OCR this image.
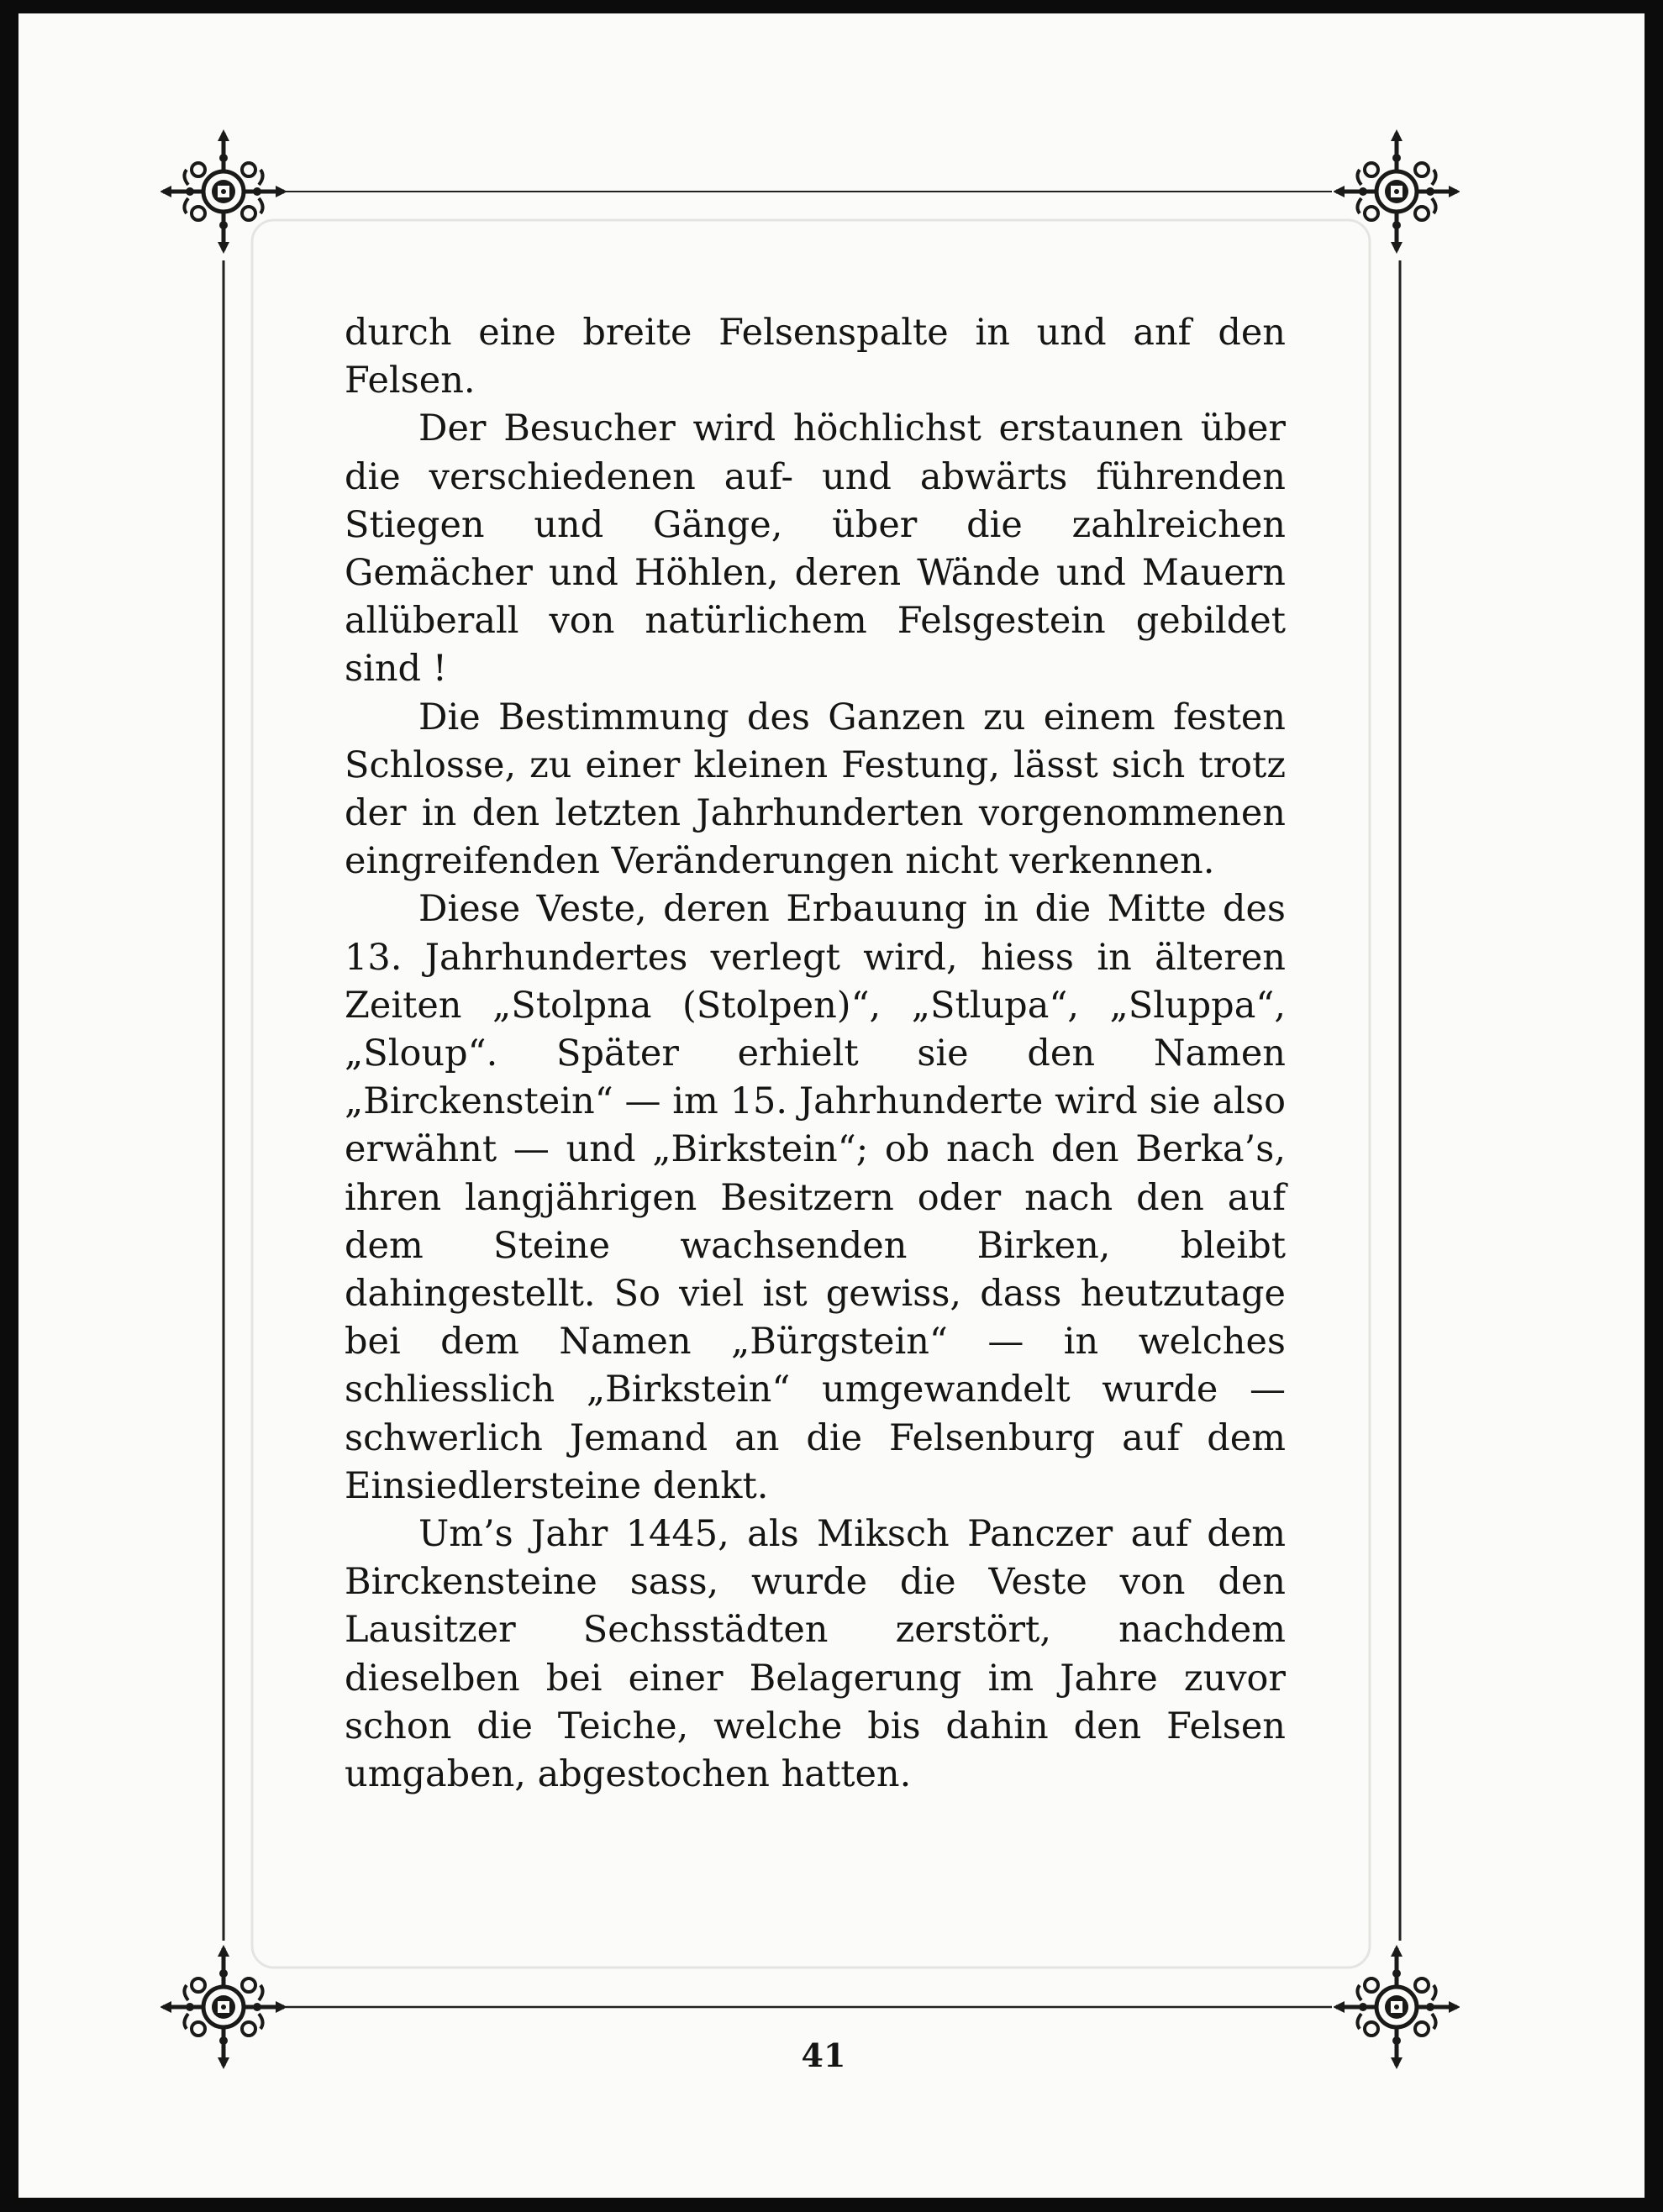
durch eine breite Felsenspalte in und anf den Felsen.

Der Besucher wird höchlichst erstaunen über die verschiedenen auf- und abwärts führenden Stiegen und Gänge, über die zahlreichen Gemächer und Höhlen, deren Wände und Mauern allüberall von natürlichem Felsgestein gebildet sind !

Die Bestimmung des Ganzen zu einem festen Schlosse, zu einer kleinen Festung, lässt sich trotz der in den letzten Jahrhunderten vorgenommenen eingreifenden Veränderungen nicht verkennen.

Diese Veste, deren Erbauung in die Mitte des 13. Jahrhundertes verlegt wird, hiess in älteren Zeiten „Stolpna (Stolpen)“, „Stlupa“, „Sluppa“, „Sloup“. Später erhielt sie den Namen „Birckenstein“ — im 15. Jahrhunderte wird sie also erwähnt — und „Birkstein“; ob nach den Berka’s, ihren langjährigen Besitzern oder nach den auf dem Steine wachsenden Birken, bleibt dahingestellt. So viel ist gewiss, dass heutzutage bei dem Namen „Bürgstein“ — in welches schliesslich „Birkstein“ umgewandelt wurde — schwerlich Jemand an die Felsenburg auf dem Einsiedlersteine denkt.

Um’s Jahr 1445, als Miksch Panczer auf dem Birckensteine sass, wurde die Veste von den Lausitzer Sechsstädten zerstört, nachdem dieselben bei einer Belagerung im Jahre zuvor schon die Teiche, welche bis dahin den Felsen umgaben, abgestochen hatten.

41
